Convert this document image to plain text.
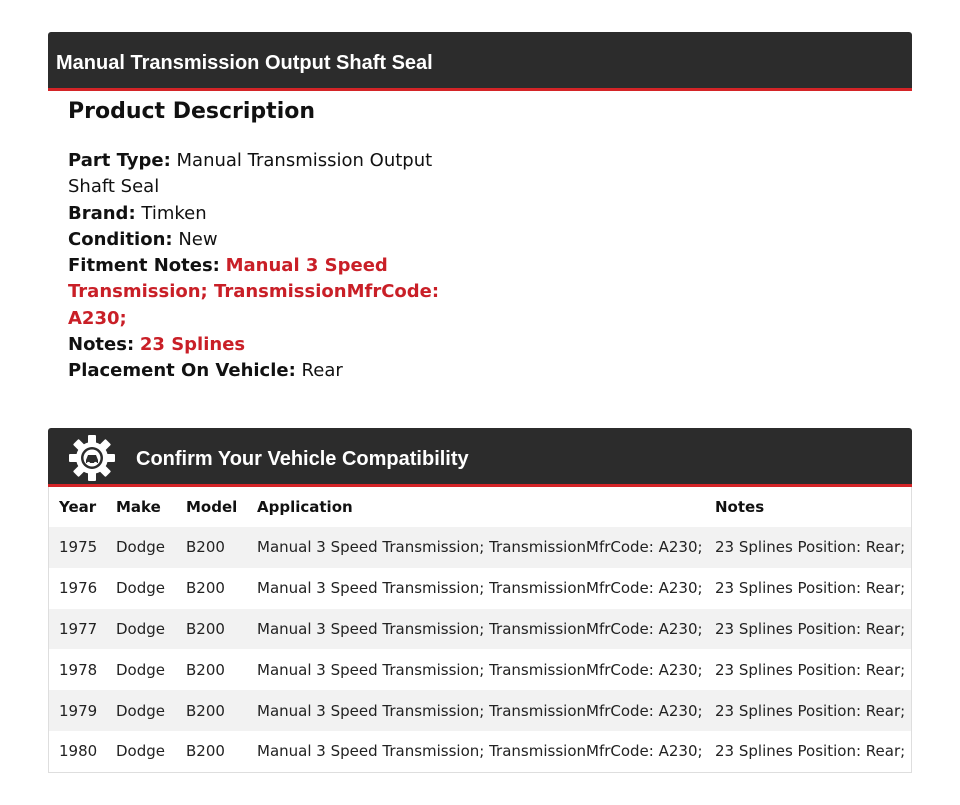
Manual Transmission Output Shaft Seal
Product Description
Part Type: Manual Transmission Output Shaft Seal
Brand: Timken
Condition: New
Fitment Notes: Manual 3 Speed Transmission; TransmissionMfrCode: A230;
Notes: 23 Splines
Placement On Vehicle: Rear
Confirm Your Vehicle Compatibility
Year	Make	Model	Application	Notes
1975	Dodge	B200	Manual 3 Speed Transmission; TransmissionMfrCode: A230;	23 Splines Position: Rear;
1976	Dodge	B200	Manual 3 Speed Transmission; TransmissionMfrCode: A230;	23 Splines Position: Rear;
1977	Dodge	B200	Manual 3 Speed Transmission; TransmissionMfrCode: A230;	23 Splines Position: Rear;
1978	Dodge	B200	Manual 3 Speed Transmission; TransmissionMfrCode: A230;	23 Splines Position: Rear;
1979	Dodge	B200	Manual 3 Speed Transmission; TransmissionMfrCode: A230;	23 Splines Position: Rear;
1980	Dodge	B200	Manual 3 Speed Transmission; TransmissionMfrCode: A230;	23 Splines Position: Rear;
